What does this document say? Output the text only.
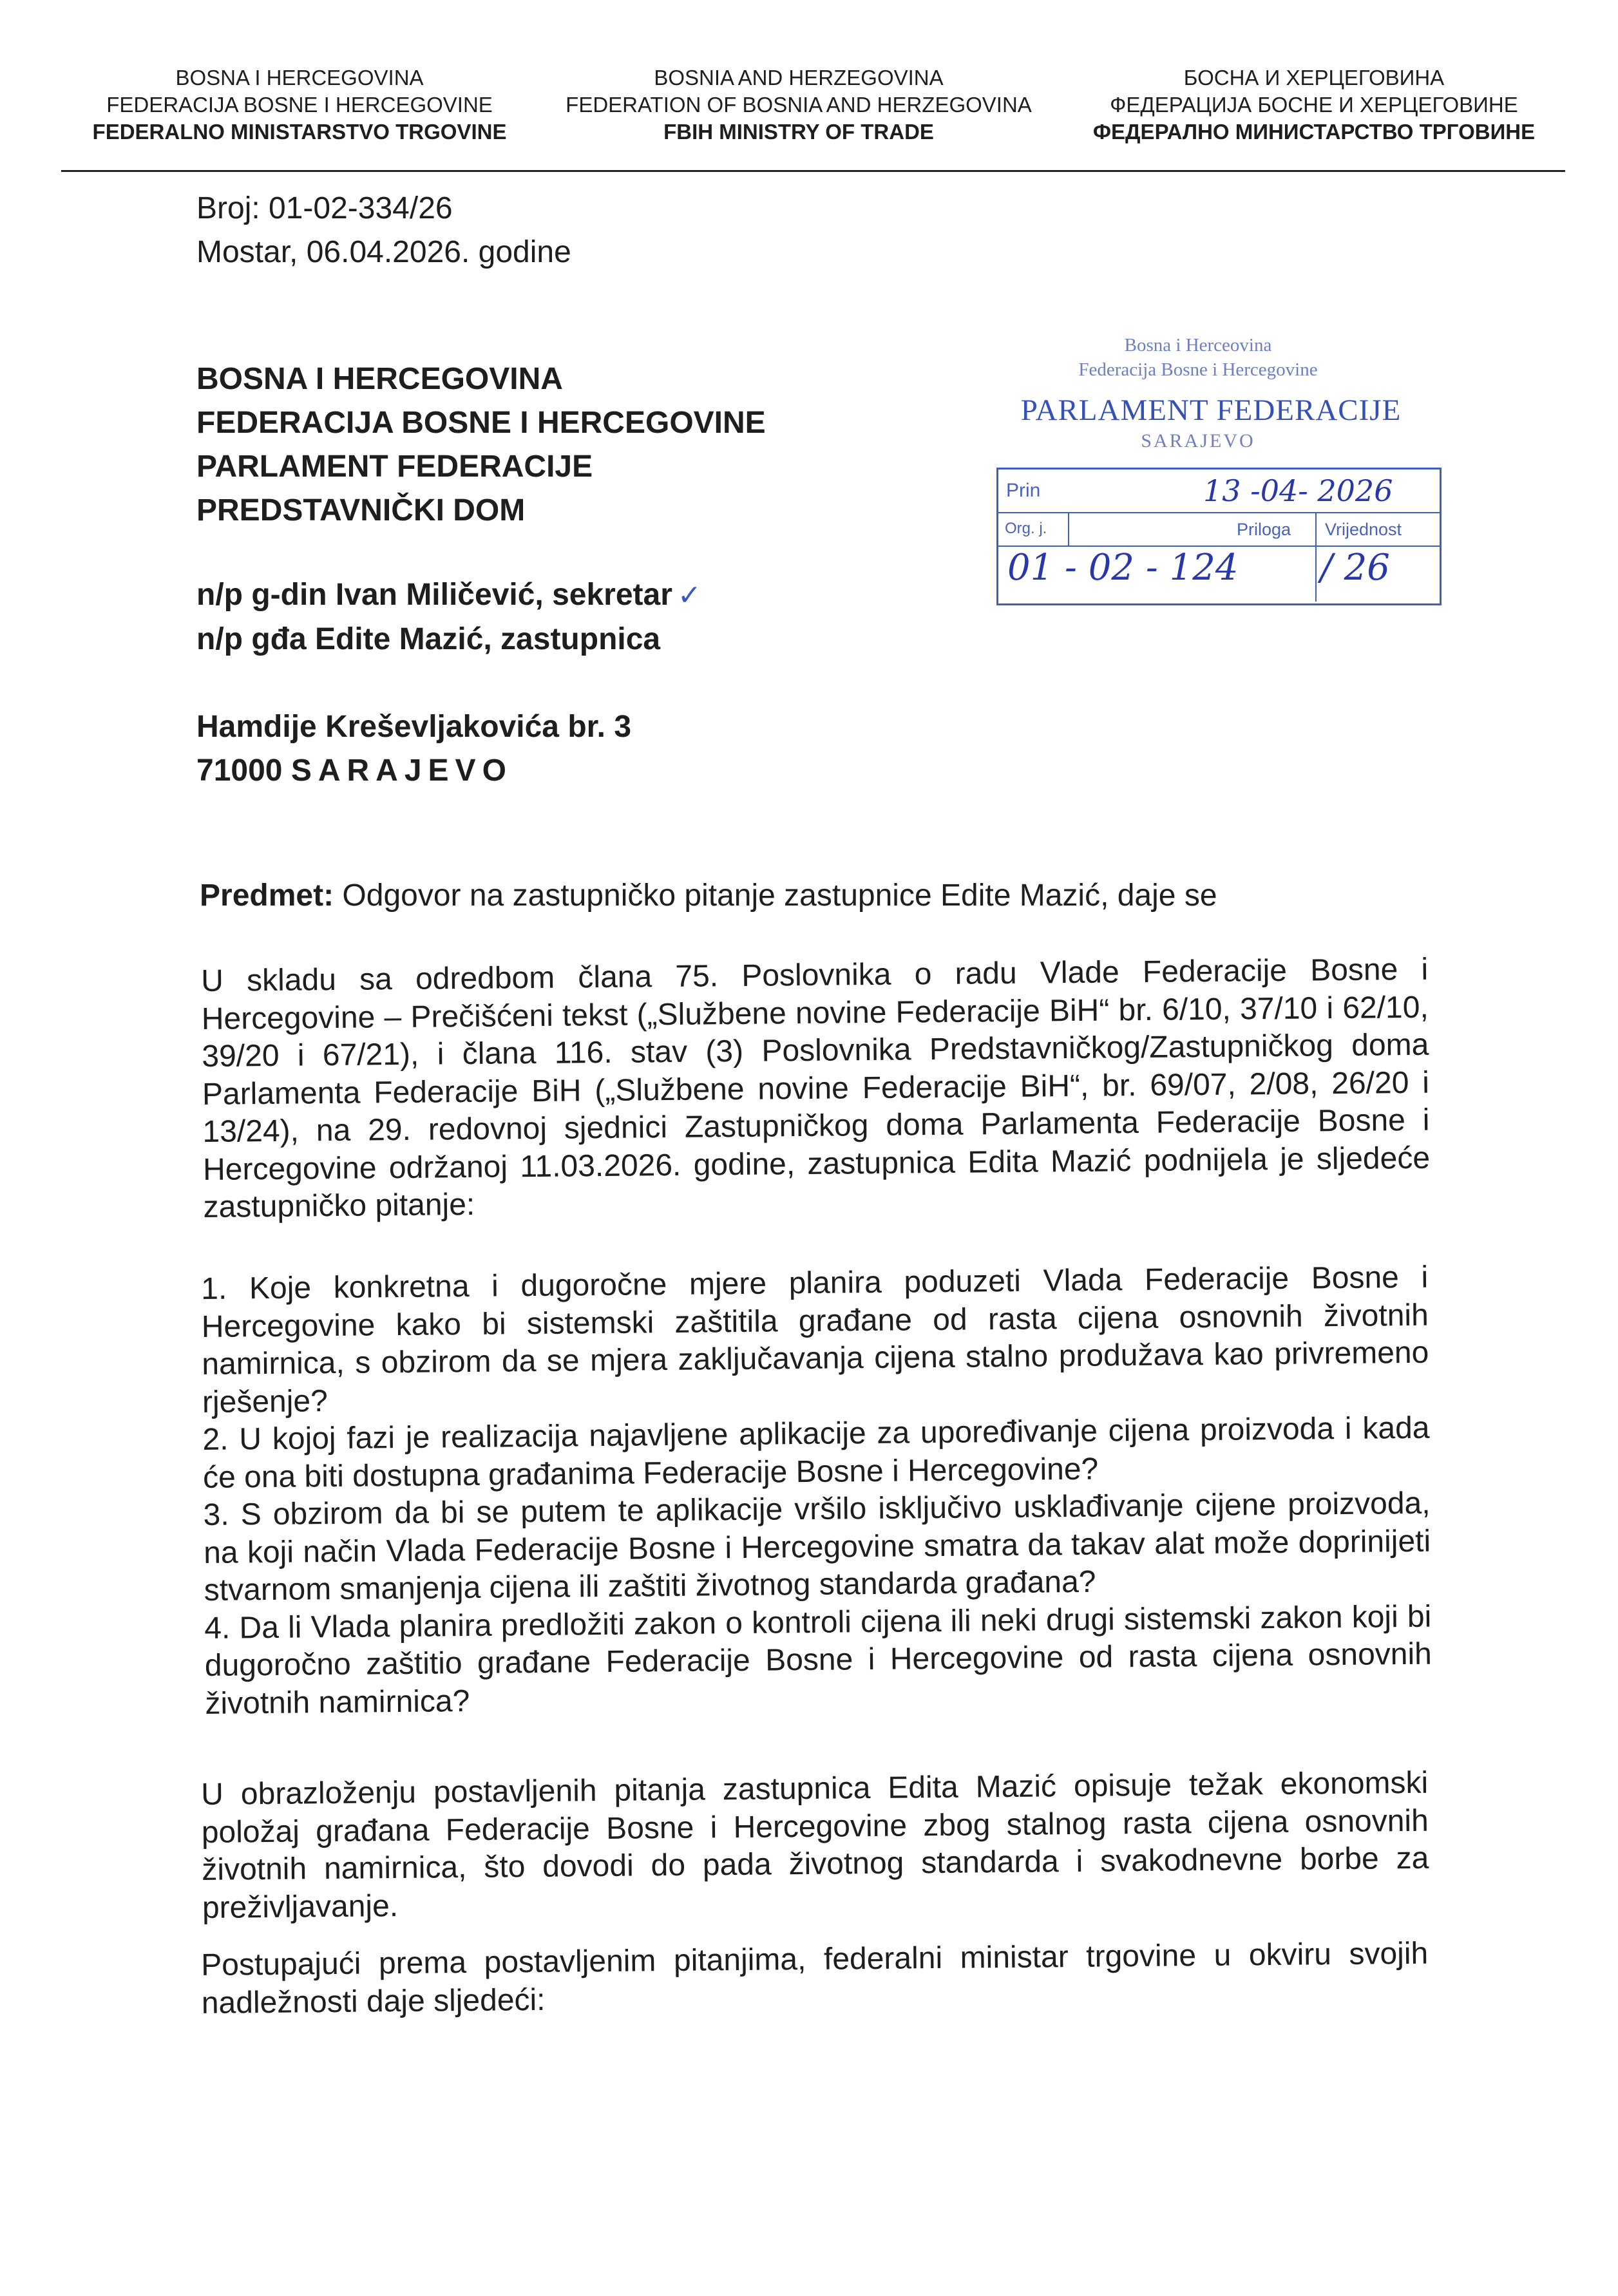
BOSNA I HERCEGOVINA
FEDERACIJA BOSNE I HERCEGOVINE
FEDERALNO MINISTARSTVO TRGOVINE
BOSNIA AND HERZEGOVINA
FEDERATION OF BOSNIA AND HERZEGOVINA
FBIH MINISTRY OF TRADE
БОСНА И ХЕРЦЕГОВИНА
ФЕДЕРАЦИЈА БОСНЕ И ХЕРЦЕГОВИНЕ
ФЕДЕРАЛНО МИНИСТАРСТВО ТРГОВИНЕ
Broj: 01-02-334/26
Mostar, 06.04.2026. godine
BOSNA I HERCEGOVINA
FEDERACIJA BOSNE I HERCEGOVINE
PARLAMENT FEDERACIJE
PREDSTAVNIČKI DOM
n/p g-din Ivan Miličević, sekretar ✓
n/p gđa Edite Mazić, zastupnica
Hamdije Kreševljakovića br. 3
71000 SARAJEVO
Bosna i Herceovina
Federacija Bosne i Hercegovine
PARLAMENT FEDERACIJE
SARAJEVO
Prin	13 -04- 2026
Org. j.	Priloga Vrijednost
01 - 02 - 124 / 26
Predmet: Odgovor na zastupničko pitanje zastupnice Edite Mazić, daje se

U skladu sa odredbom člana 75. Poslovnika o radu Vlade Federacije Bosne i Hercegovine – Prečišćeni tekst („Službene novine Federacije BiH“ br. 6/10, 37/10 i 62/10, 39/20 i 67/21), i člana 116. stav (3) Poslovnika Predstavničkog/Zastupničkog doma Parlamenta Federacije BiH („Službene novine Federacije BiH“, br. 69/07, 2/08, 26/20 i 13/24), na 29. redovnoj sjednici Zastupničkog doma Parlamenta Federacije Bosne i Hercegovine održanoj 11.03.2026. godine, zastupnica Edita Mazić podnijela je sljedeće zastupničko pitanje:

1. Koje konkretna i dugoročne mjere planira poduzeti Vlada Federacije Bosne i Hercegovine kako bi sistemski zaštitila građane od rasta cijena osnovnih životnih namirnica, s obzirom da se mjera zaključavanja cijena stalno produžava kao privremeno rješenje?

2. U kojoj fazi je realizacija najavljene aplikacije za upoređivanje cijena proizvoda i kada će ona biti dostupna građanima Federacije Bosne i Hercegovine?

3. S obzirom da bi se putem te aplikacije vršilo isključivo usklađivanje cijene proizvoda, na koji način Vlada Federacije Bosne i Hercegovine smatra da takav alat može doprinijeti stvarnom smanjenja cijena ili zaštiti životnog standarda građana?

4. Da li Vlada planira predložiti zakon o kontroli cijena ili neki drugi sistemski zakon koji bi dugoročno zaštitio građane Federacije Bosne i Hercegovine od rasta cijena osnovnih životnih namirnica?

U obrazloženju postavljenih pitanja zastupnica Edita Mazić opisuje težak ekonomski položaj građana Federacije Bosne i Hercegovine zbog stalnog rasta cijena osnovnih životnih namirnica, što dovodi do pada životnog standarda i svakodnevne borbe za preživljavanje.

Postupajući prema postavljenim pitanjima, federalni ministar trgovine u okviru svojih nadležnosti daje sljedeći:
